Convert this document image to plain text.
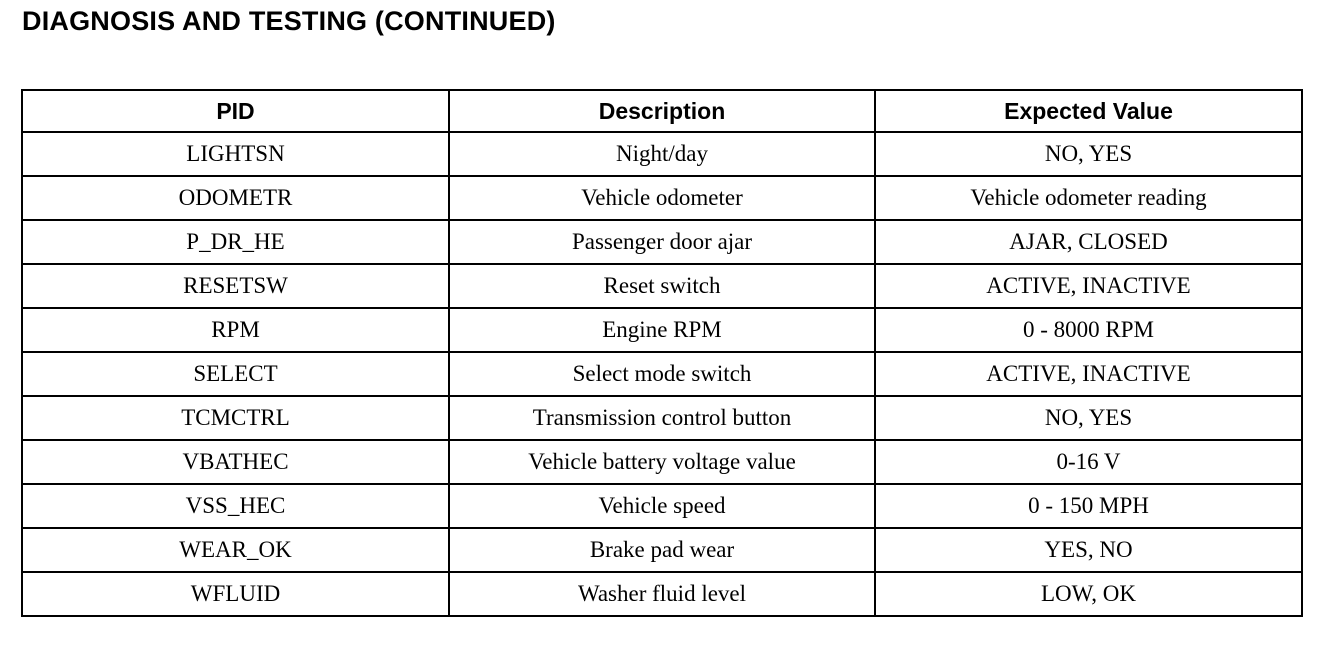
DIAGNOSIS AND TESTING (CONTINUED)
PID	Description	Expected Value
LIGHTSN	Night/day	NO, YES
ODOMETR	Vehicle odometer	Vehicle odometer reading
P_DR_HE	Passenger door ajar	AJAR, CLOSED
RESETSW	Reset switch	ACTIVE, INACTIVE
RPM	Engine RPM	0 - 8000 RPM
SELECT	Select mode switch	ACTIVE, INACTIVE
TCMCTRL	Transmission control button	NO, YES
VBATHEC	Vehicle battery voltage value	0-16 V
VSS_HEC	Vehicle speed	0 - 150 MPH
WEAR_OK	Brake pad wear	YES, NO
WFLUID	Washer fluid level	LOW, OK
